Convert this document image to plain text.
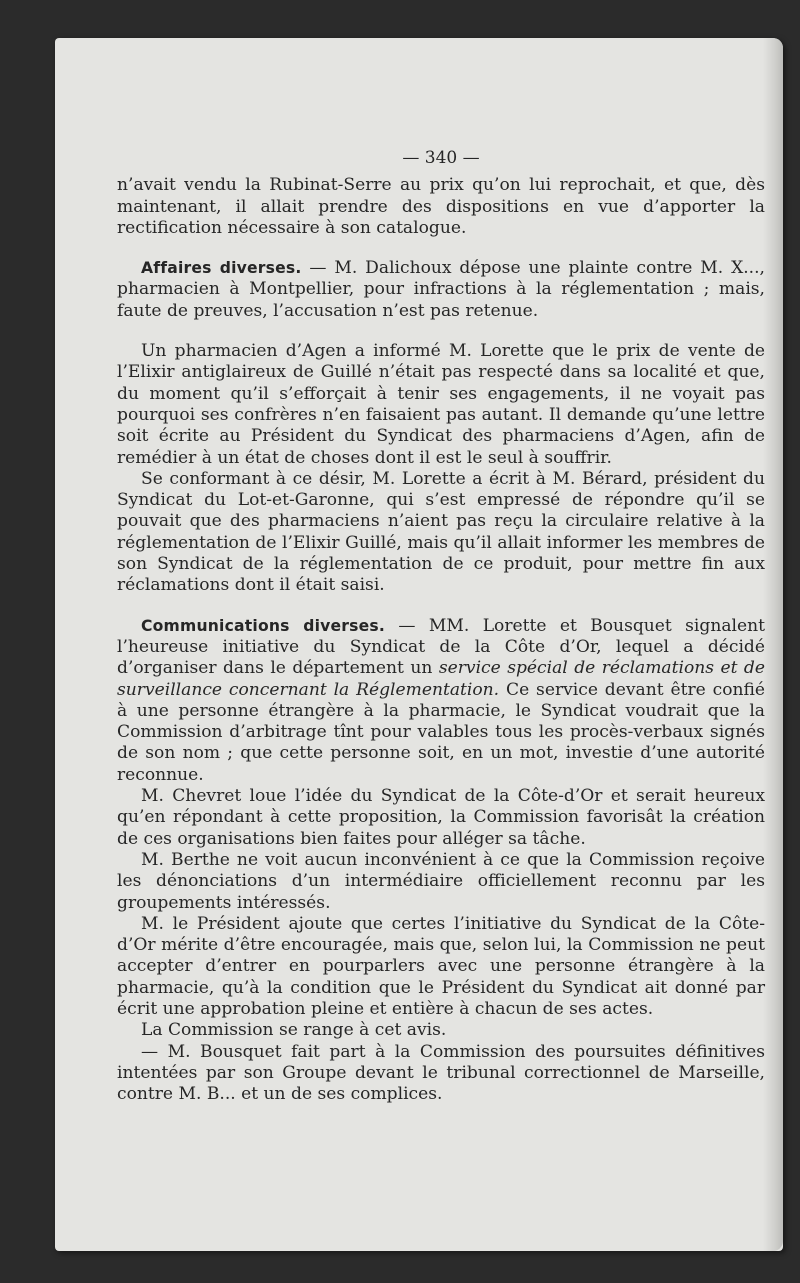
— 340 —

n’avait vendu la Rubinat-Serre au prix qu’on lui reprochait, et que, dès maintenant, il allait prendre des dispositions en vue d’apporter la rectification nécessaire à son catalogue.

Affaires diverses. — M. Dalichoux dépose une plainte contre M. X..., pharmacien à Montpellier, pour infractions à la réglementation ; mais, faute de preuves, l’accusation n’est pas retenue.

Un pharmacien d’Agen a informé M. Lorette que le prix de vente de l’Elixir antiglaireux de Guillé n’était pas respecté dans sa localité et que, du moment qu’il s’efforçait à tenir ses engagements, il ne voyait pas pourquoi ses confrères n’en faisaient pas autant. Il demande qu’une lettre soit écrite au Président du Syndicat des pharmaciens d’Agen, afin de remédier à un état de choses dont il est le seul à souffrir.

Se conformant à ce désir, M. Lorette a écrit à M. Bérard, président du Syndicat du Lot-et-Garonne, qui s’est empressé de répondre qu’il se pouvait que des pharmaciens n’aient pas reçu la circulaire relative à la réglementation de l’Elixir Guillé, mais qu’il allait informer les membres de son Syndicat de la réglementation de ce produit, pour mettre fin aux réclamations dont il était saisi.

Communications diverses. — MM. Lorette et Bousquet signalent l’heureuse initiative du Syndicat de la Côte d’Or, lequel a décidé d’organiser dans le département un service spécial de réclamations et de surveillance concernant la Réglementation. Ce service devant être confié à une personne étrangère à la pharmacie, le Syndicat voudrait que la Commission d’arbitrage tînt pour valables tous les procès-verbaux signés de son nom ; que cette personne soit, en un mot, investie d’une autorité reconnue.

M. Chevret loue l’idée du Syndicat de la Côte-d’Or et serait heureux qu’en répondant à cette proposition, la Commission favorisât la création de ces organisations bien faites pour alléger sa tâche.

M. Berthe ne voit aucun inconvénient à ce que la Commission reçoive les dénonciations d’un intermédiaire officiellement reconnu par les groupements intéressés.

M. le Président ajoute que certes l’initiative du Syndicat de la Côte-d’Or mérite d’être encouragée, mais que, selon lui, la Commission ne peut accepter d’entrer en pourparlers avec une personne étrangère à la pharmacie, qu’à la condition que le Président du Syndicat ait donné par écrit une approbation pleine et entière à chacun de ses actes.

La Commission se range à cet avis.

— M. Bousquet fait part à la Commission des poursuites définitives intentées par son Groupe devant le tribunal correctionnel de Marseille, contre M. B... et un de ses complices.
